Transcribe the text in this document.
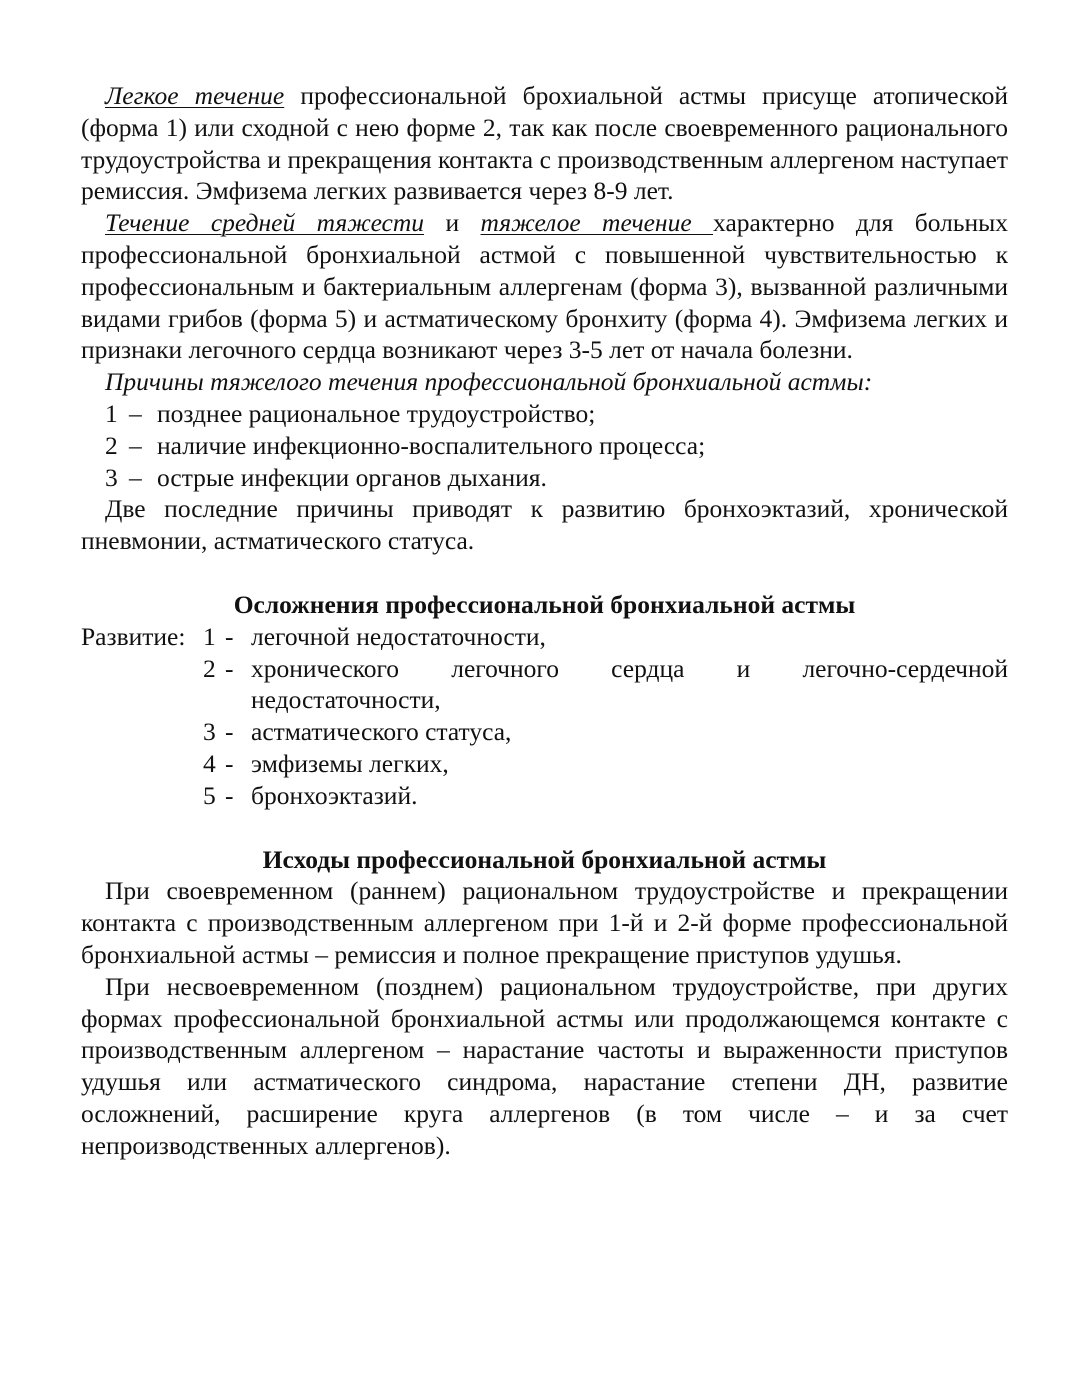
Легкое течение профессиональной брохиальной астмы присуще атопической (форма 1) или сходной с нею форме 2, так как после своевременного рационального трудоустройства и прекращения контакта с производственным аллергеном наступает ремиссия. Эмфизема легких развивается через 8-9 лет.

Течение средней тяжести и тяжелое течение характерно для больных профессиональной бронхиальной астмой с повышенной чувствительностью к профессиональным и бактериальным аллергенам (форма 3), вызванной различными видами грибов (форма 5) и астматическому бронхиту (форма 4). Эмфизема легких и признаки легочного сердца возникают через 3-5 лет от начала болезни.

Причины тяжелого течения профессиональной бронхиальной астмы:

1 – позднее рациональное трудоустройство;
2 – наличие инфекционно-воспалительного процесса;
3 – острые инфекции органов дыхания.

Две последние причины приводят к развитию бронхоэктазий, хронической пневмонии, астматического статуса.

Осложнения профессиональной бронхиальной астмы

Развитие: 1 - легочной недостаточности,
2 - хронического легочного сердца и легочно-сердечной недостаточности,
3 - астматического статуса,
4 - эмфиземы легких,
5 - бронхоэктазий.

Исходы профессиональной бронхиальной астмы

При своевременном (раннем) рациональном трудоустройстве и прекращении контакта с производственным аллергеном при 1-й и 2-й форме профессиональной бронхиальной астмы – ремиссия и полное прекращение приступов удушья.

При несвоевременном (позднем) рациональном трудоустройстве, при других формах профессиональной бронхиальной астмы или продолжающемся контакте с производственным аллергеном – нарастание частоты и выраженности приступов удушья или астматического синдрома, нарастание степени ДН, развитие осложнений, расширение круга аллергенов (в том числе – и за счет непроизводственных аллергенов).
